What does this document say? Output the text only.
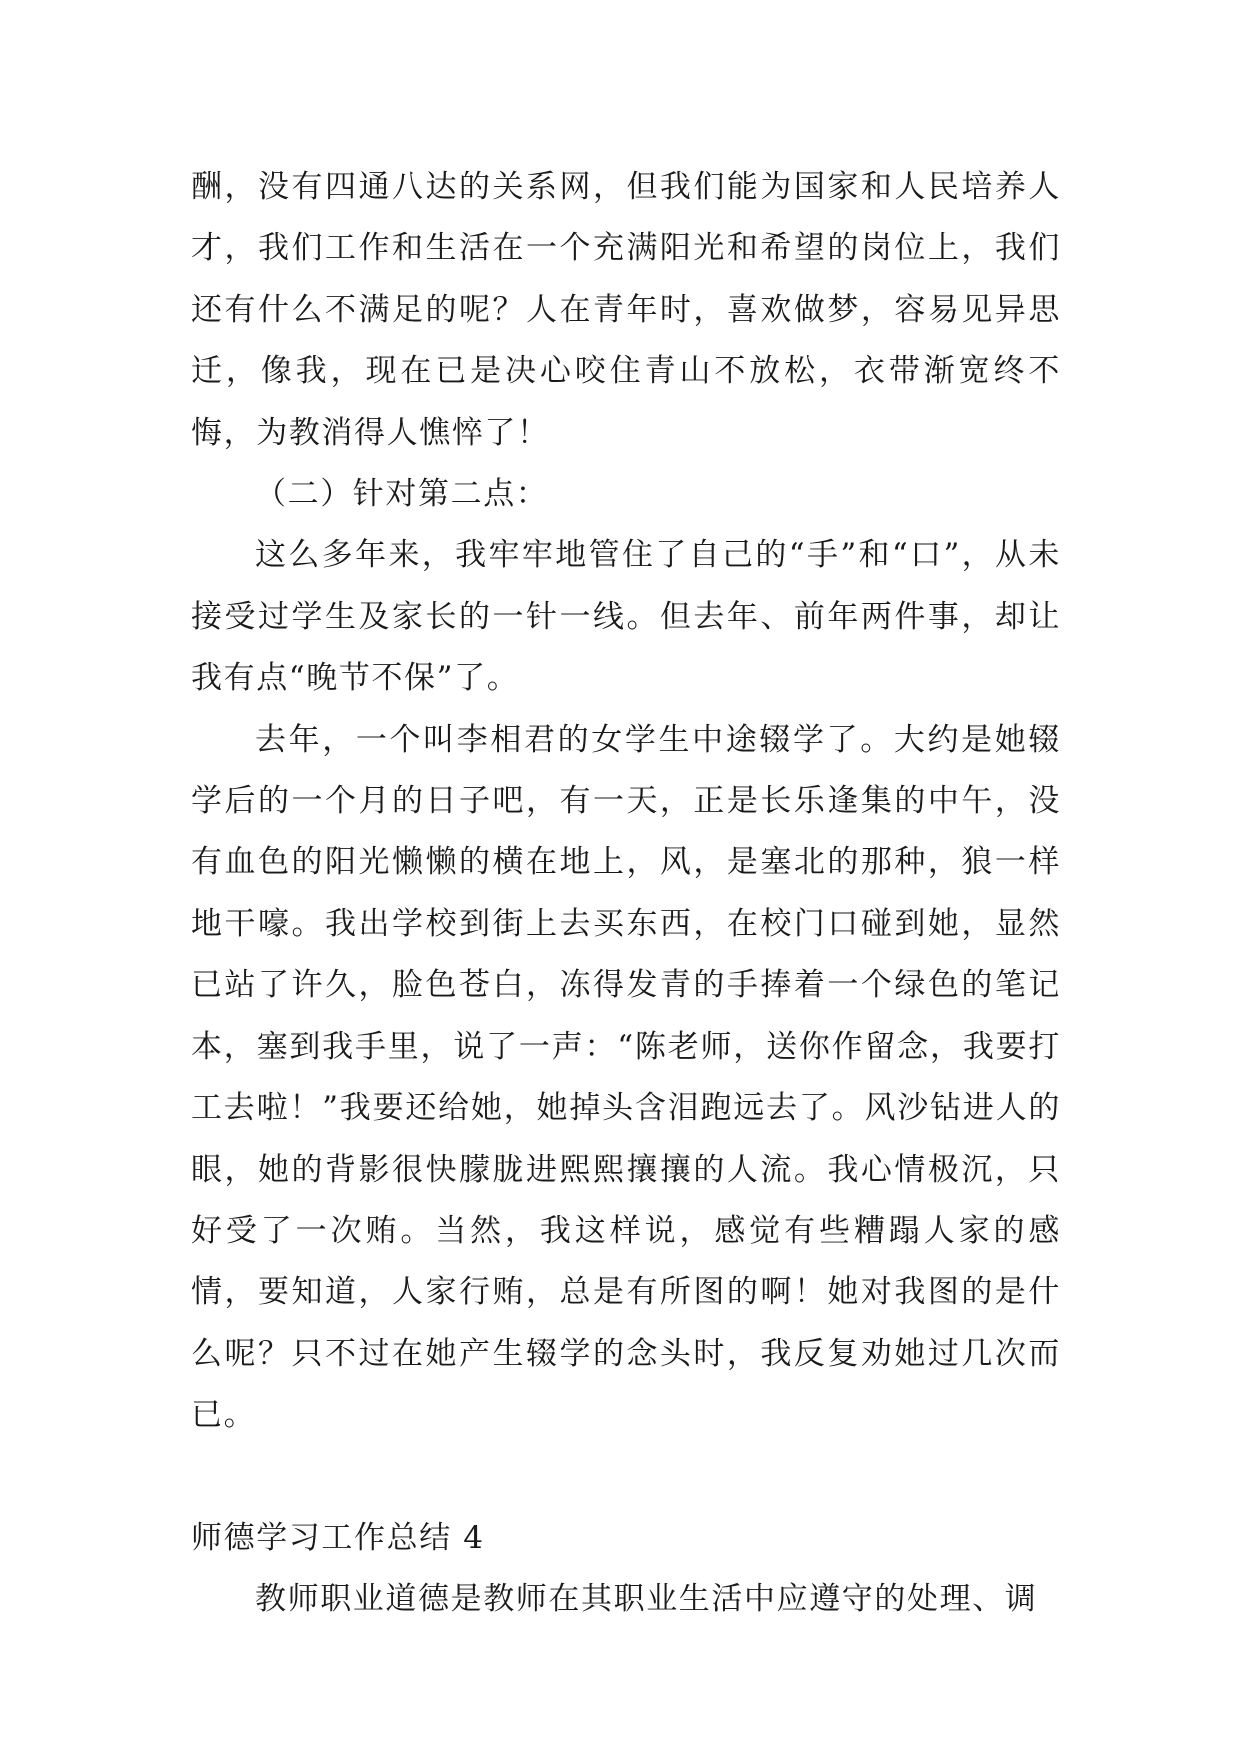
酬，没有四通八达的关系网，但我们能为国家和人民培养人才，我们工作和生活在一个充满阳光和希望的岗位上，我们还有什么不满足的呢？人在青年时，喜欢做梦，容易见异思迁，像我，现在已是决心咬住青山不放松，衣带渐宽终不悔，为教消得人憔悴了！

（二）针对第二点：

这么多年来，我牢牢地管住了自己的“手”和“口”，从未接受过学生及家长的一针一线。但去年、前年两件事，却让我有点“晚节不保”了。

去年，一个叫李相君的女学生中途辍学了。大约是她辍学后的一个月的日子吧，有一天，正是长乐逢集的中午，没有血色的阳光懒懒的横在地上，风，是塞北的那种，狼一样地干嚎。我出学校到街上去买东西，在校门口碰到她，显然已站了许久，脸色苍白，冻得发青的手捧着一个绿色的笔记本，塞到我手里，说了一声：“陈老师，送你作留念，我要打工去啦！”我要还给她，她掉头含泪跑远去了。风沙钻进人的眼，她的背影很快朦胧进熙熙攘攘的人流。我心情极沉，只好受了一次贿。当然，我这样说，感觉有些糟蹋人家的感情，要知道，人家行贿，总是有所图的啊！她对我图的是什么呢？只不过在她产生辍学的念头时，我反复劝她过几次而已。

师德学习工作总结 4

教师职业道德是教师在其职业生活中应遵守的处理、调
